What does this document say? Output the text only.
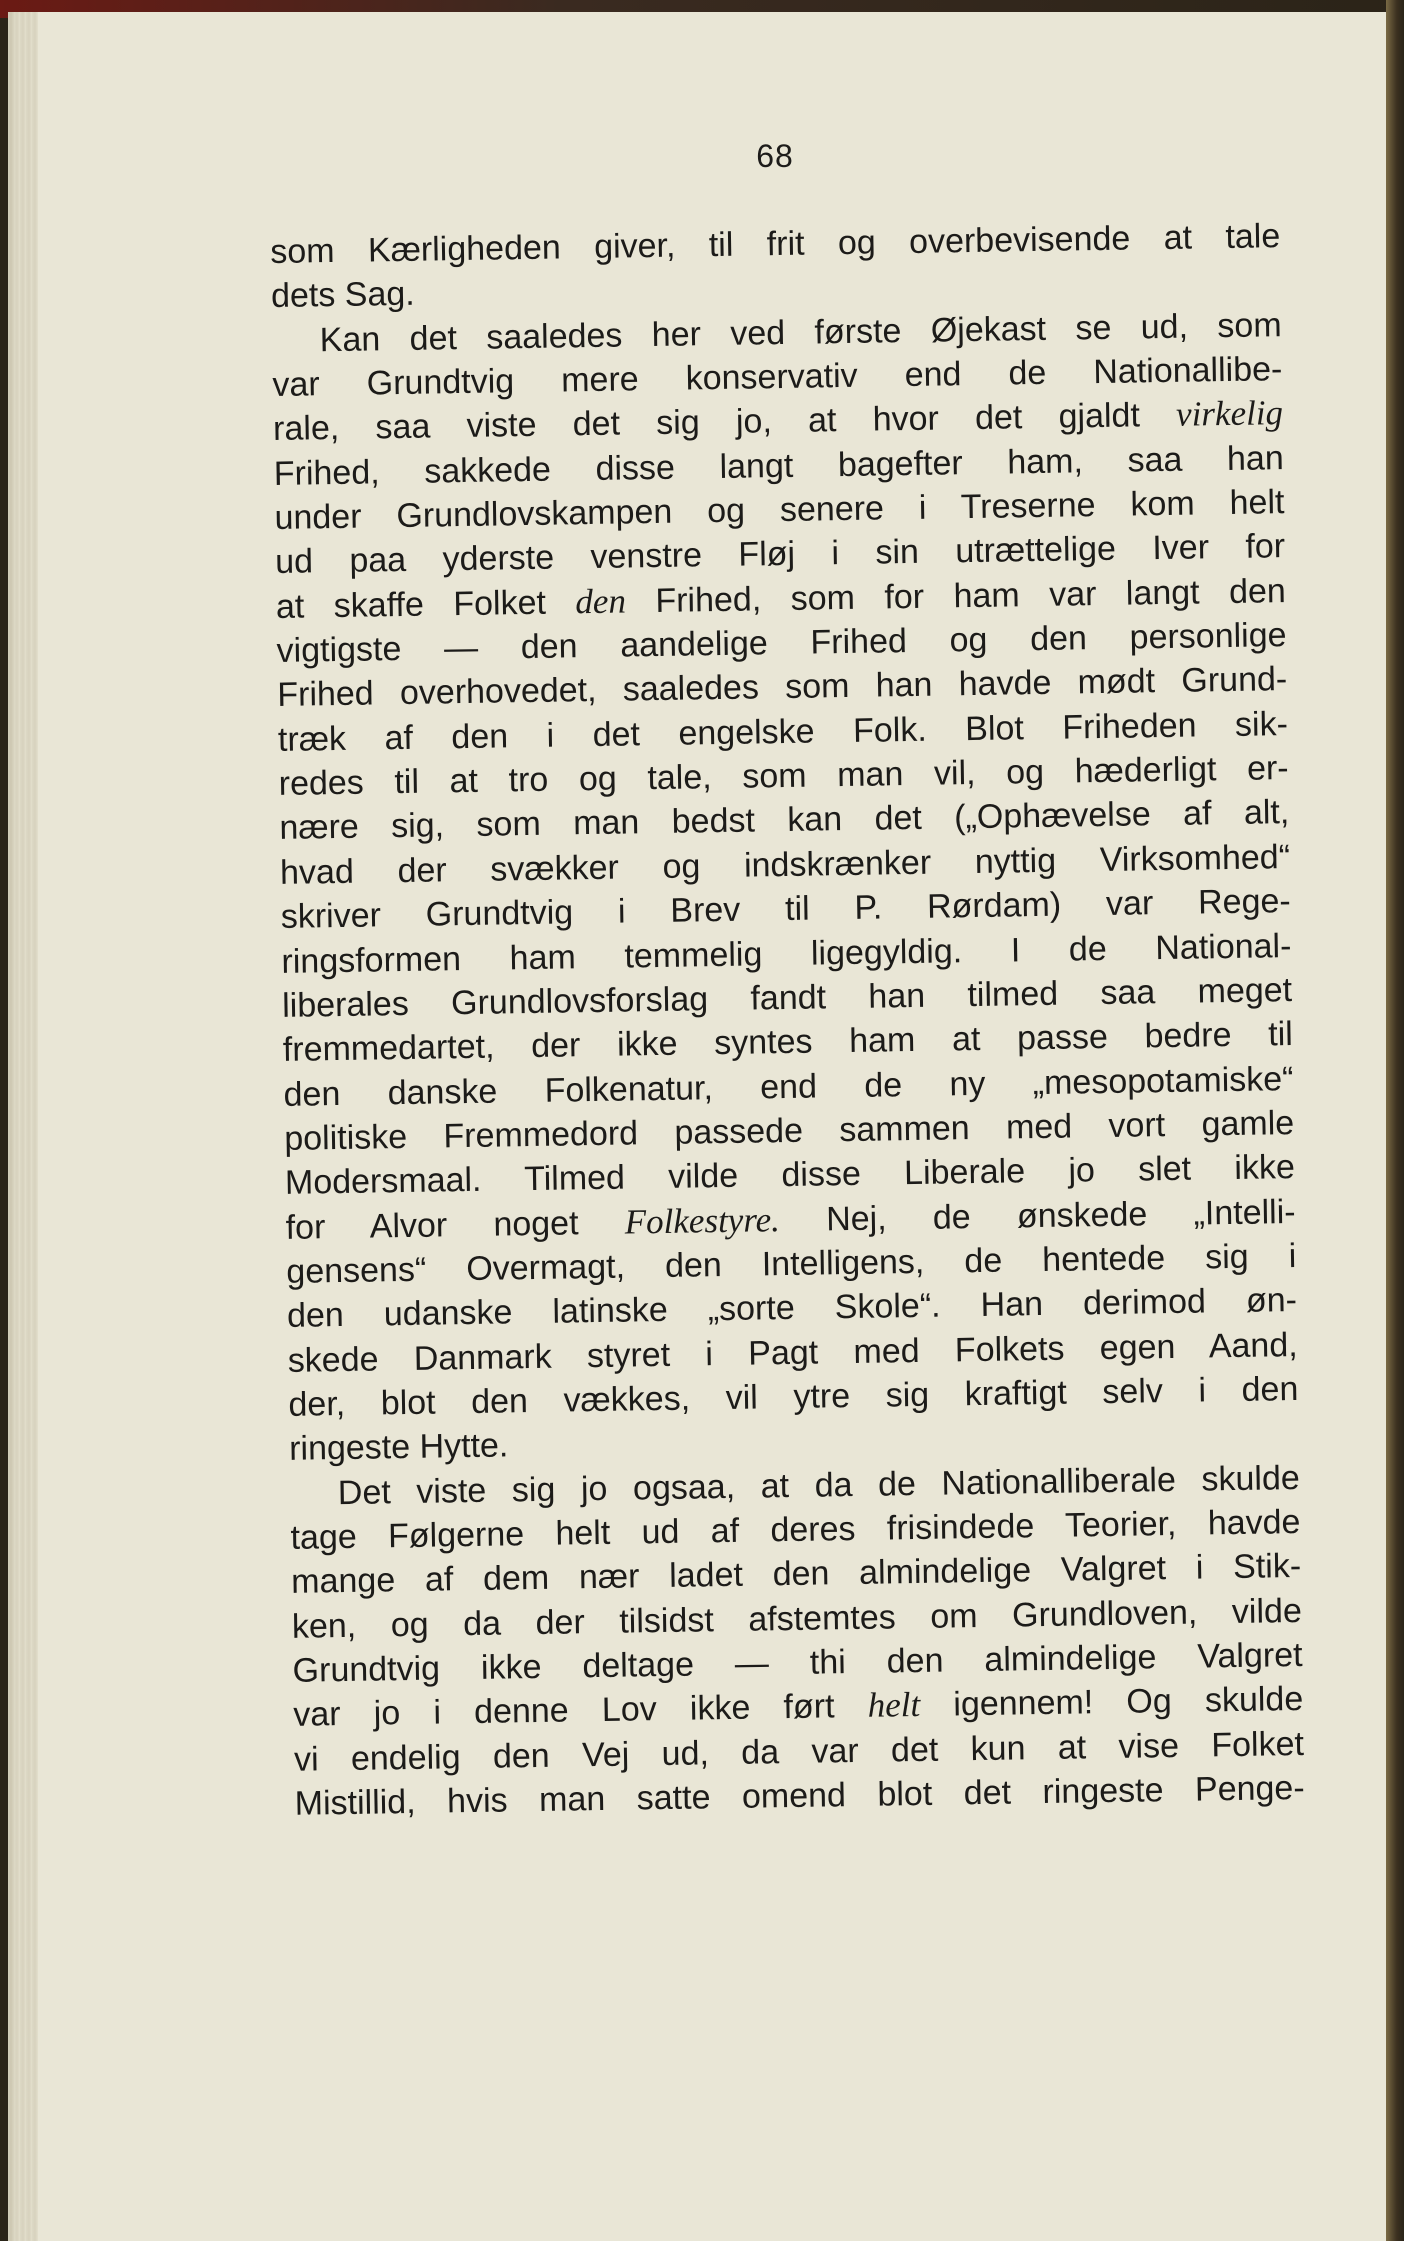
68
som Kærligheden giver, til frit og overbevisende at tale
dets Sag.
Kan det saaledes her ved første Øjekast se ud, som
var Grundtvig mere konservativ end de Nationallibe-
rale, saa viste det sig jo, at hvor det gjaldt virkelig
Frihed, sakkede disse langt bagefter ham, saa han
under Grundlovskampen og senere i Treserne kom helt
ud paa yderste venstre Fløj i sin utrættelige Iver for
at skaffe Folket den Frihed, som for ham var langt den
vigtigste — den aandelige Frihed og den personlige
Frihed overhovedet, saaledes som han havde mødt Grund-
træk af den i det engelske Folk. Blot Friheden sik-
redes til at tro og tale, som man vil, og hæderligt er-
nære sig, som man bedst kan det („Ophævelse af alt,
hvad der svækker og indskrænker nyttig Virksomhed“
skriver Grundtvig i Brev til P. Rørdam) var Rege-
ringsformen ham temmelig ligegyldig. I de National-
liberales Grundlovsforslag fandt han tilmed saa meget
fremmedartet, der ikke syntes ham at passe bedre til
den danske Folkenatur, end de ny „mesopotamiske“
politiske Fremmedord passede sammen med vort gamle
Modersmaal. Tilmed vilde disse Liberale jo slet ikke
for Alvor noget Folkestyre. Nej, de ønskede „Intelli-
gensens“ Overmagt, den Intelligens, de hentede sig i
den udanske latinske „sorte Skole“. Han derimod øn-
skede Danmark styret i Pagt med Folkets egen Aand,
der, blot den vækkes, vil ytre sig kraftigt selv i den
ringeste Hytte.
Det viste sig jo ogsaa, at da de Nationalliberale skulde
tage Følgerne helt ud af deres frisindede Teorier, havde
mange af dem nær ladet den almindelige Valgret i Stik-
ken, og da der tilsidst afstemtes om Grundloven, vilde
Grundtvig ikke deltage — thi den almindelige Valgret
var jo i denne Lov ikke ført helt igennem! Og skulde
vi endelig den Vej ud, da var det kun at vise Folket
Mistillid, hvis man satte omend blot det ringeste Penge-
